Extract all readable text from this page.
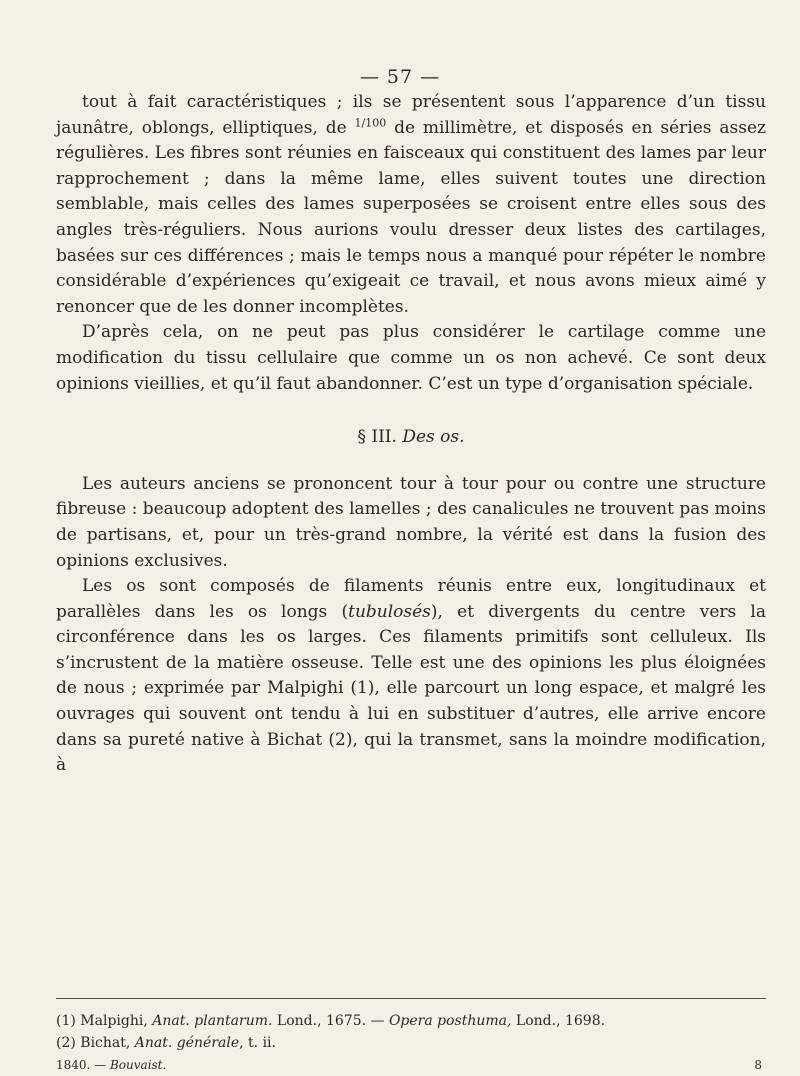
— 57 —

tout à fait caractéristiques ; ils se présentent sous l’apparence d’un tissu jaunâtre, oblongs, elliptiques, de $^{1/100}$ de millimètre, et disposés en séries assez régulières. Les fibres sont réunies en faisceaux qui constituent des lames par leur rapprochement ; dans la même lame, elles suivent toutes une direction semblable, mais celles des lames superposées se croisent entre elles sous des angles très-réguliers. Nous aurions voulu dresser deux listes des cartilages, basées sur ces différences ; mais le temps nous a manqué pour répéter le nombre considérable d’expériences qu’exigeait ce travail, et nous avons mieux aimé y renoncer que de les donner incomplètes.

D’après cela, on ne peut pas plus considérer le cartilage comme une modification du tissu cellulaire que comme un os non achevé. Ce sont deux opinions vieillies, et qu’il faut abandonner. C’est un type d’organisation spéciale.

§ III. Des os.

Les auteurs anciens se prononcent tour à tour pour ou contre une structure fibreuse : beaucoup adoptent des lamelles ; des canalicules ne trouvent pas moins de partisans, et, pour un très-grand nombre, la vérité est dans la fusion des opinions exclusives.

Les os sont composés de filaments réunis entre eux, longitudinaux et parallèles dans les os longs (tubulosés), et divergents du centre vers la circonférence dans les os larges. Ces filaments primitifs sont celluleux. Ils s’incrustent de la matière osseuse. Telle est une des opinions les plus éloignées de nous ; exprimée par Malpighi (1), elle parcourt un long espace, et malgré les ouvrages qui souvent ont tendu à lui en substituer d’autres, elle arrive encore dans sa pureté native à Bichat (2), qui la transmet, sans la moindre modification, à

(1) Malpighi, Anat. plantarum. Lond., 1675. — Opera posthuma, Lond., 1698.
(2) Bichat, Anat. générale, t. ii.
1840. — Bouvaist.	8
